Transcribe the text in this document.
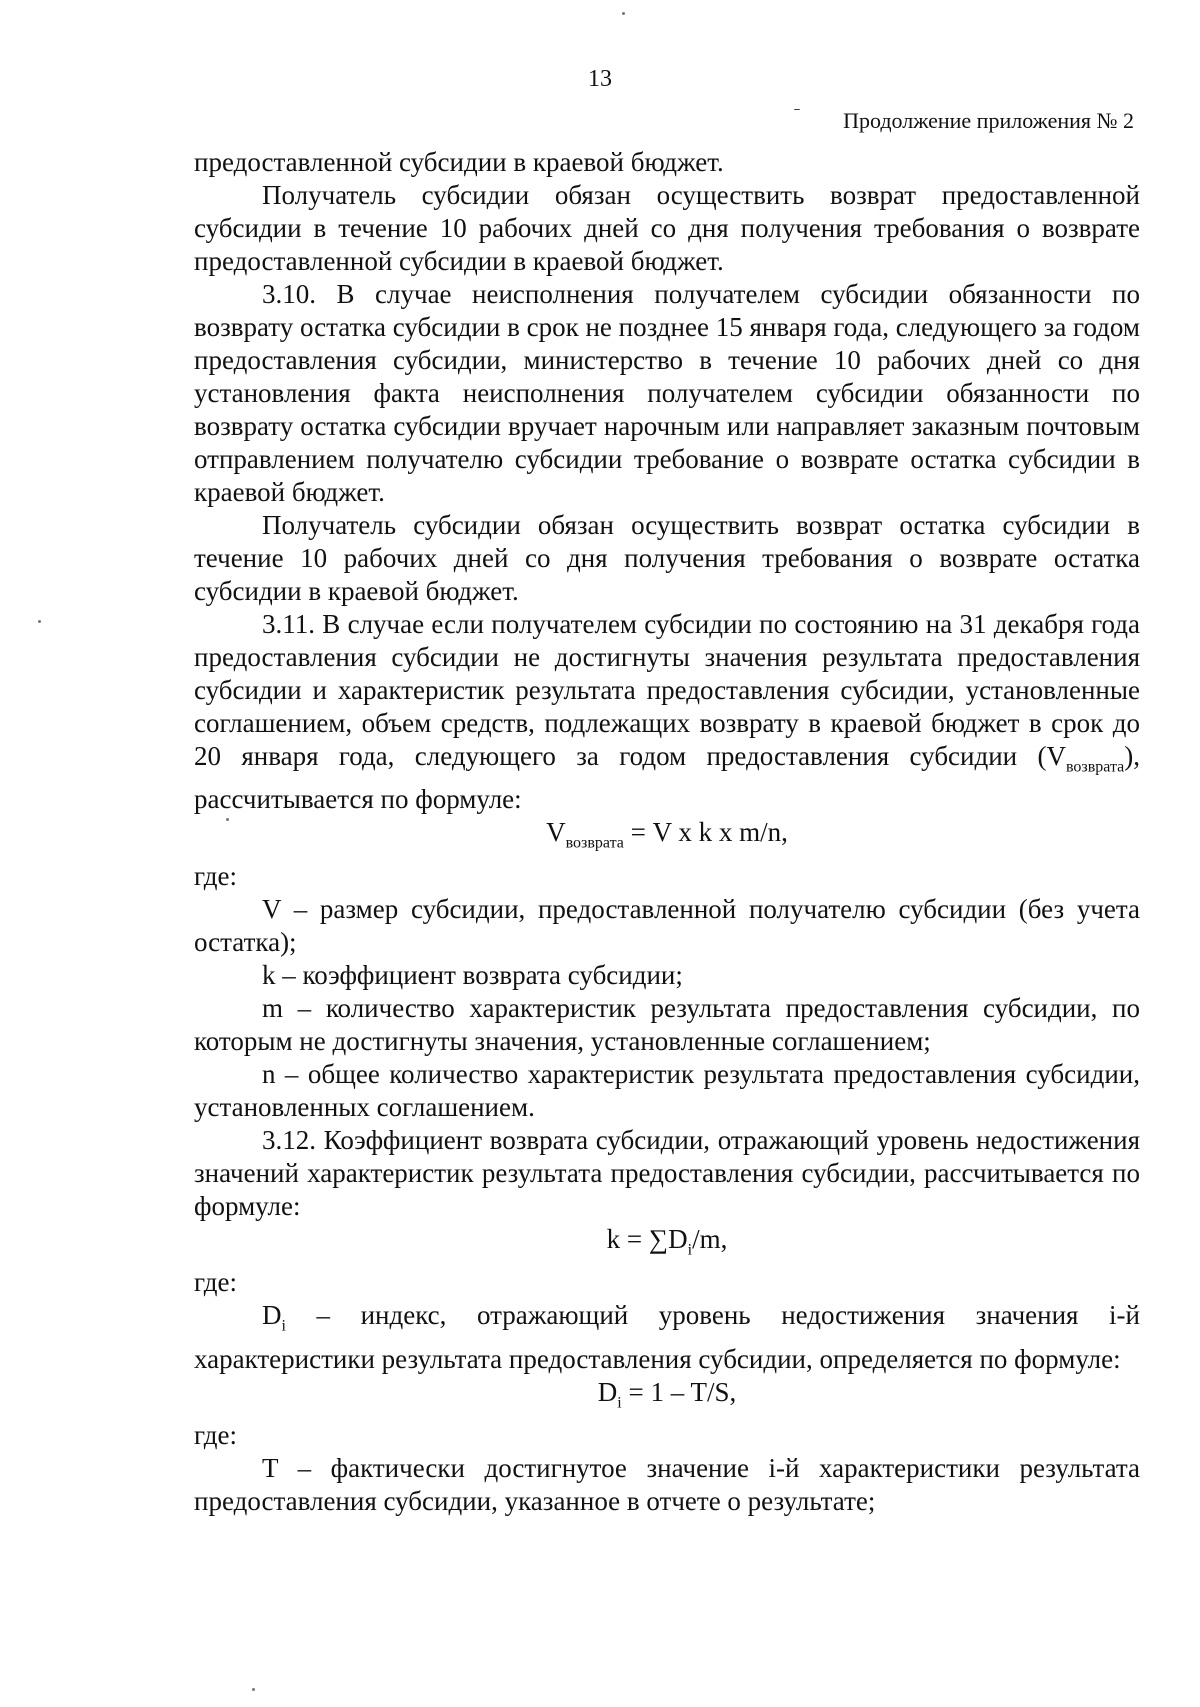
13
ˉ Продолжение приложения № 2

предоставленной субсидии в краевой бюджет.

Получатель субсидии обязан осуществить возврат предоставленной субсидии в течение 10 рабочих дней со дня получения требования о возврате предоставленной субсидии в краевой бюджет.

3.10. В случае неисполнения получателем субсидии обязанности по возврату остатка субсидии в срок не позднее 15 января года, следующего за годом предоставления субсидии, министерство в течение 10 рабочих дней со дня установления факта неисполнения получателем субсидии обязанности по возврату остатка субсидии вручает нарочным или направляет заказным почтовым отправлением получателю субсидии требование о возврате остатка субсидии в краевой бюджет.

Получатель субсидии обязан осуществить возврат остатка субсидии в течение 10 рабочих дней со дня получения требования о возврате остатка субсидии в краевой бюджет.

3.11. В случае если получателем субсидии по состоянию на 31 декабря года предоставления субсидии не достигнуты значения результата предоставления субсидии и характеристик результата предоставления субсидии, установленные соглашением, объем средств, подлежащих возврату в краевой бюджет в срок до 20 января года, следующего за годом предоставления субсидии $(V_{возврата})$, рассчитывается по формуле:

$V_{возврата} = V$ x k x m/n,

где:

V – размер субсидии, предоставленной получателю субсидии (без учета остатка);

k – коэффициент возврата субсидии;

m – количество характеристик результата предоставления субсидии, по которым не достигнуты значения, установленные соглашением;

n – общее количество характеристик результата предоставления субсидии, установленных соглашением.

3.12. Коэффициент возврата субсидии, отражающий уровень недостижения значений характеристик результата предоставления субсидии, рассчитывается по формуле:

$k = \sum D_i/m$,

где:

$D_i$ – индекс, отражающий уровень недостижения значения i-й характеристики результата предоставления субсидии, определяется по формуле:

$D_i = 1 - T/S$,

где:

T – фактически достигнутое значение i-й характеристики результата предоставления субсидии, указанное в отчете о результате;
